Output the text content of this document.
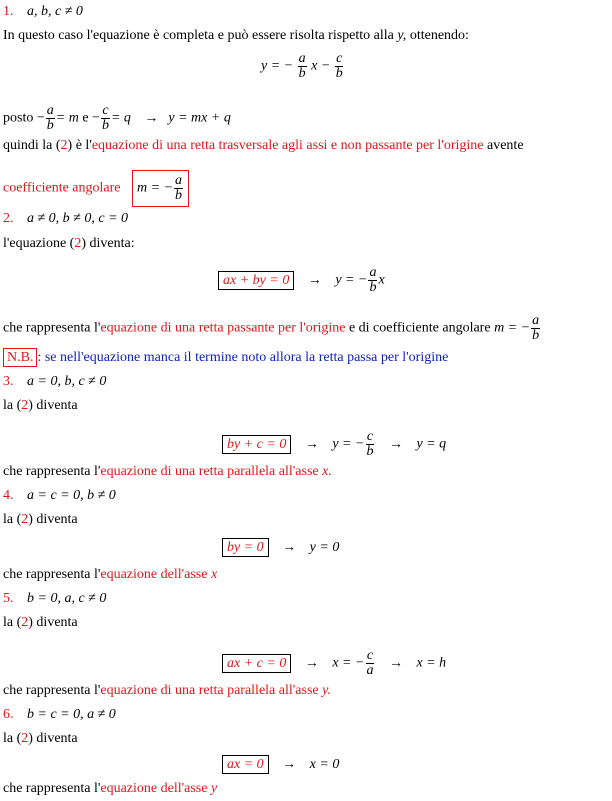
1. a, b, c ≠ 0
In questo caso l'equazione è completa e può essere risolta rispetto alla y, ottenendo:
y = − $\frac{a}{b}$ $x - \frac{c}{b}$
posto − $\frac{a}{b} = m$ $e - \frac{c}{b} = q \to y$ = mx + q
quindi la (2) è l'equazione di una retta trasversale agli assi e non passante per l'origine avente
coefficiente angolare m = − $\frac{a}{b}$
2. a ≠ 0, b ≠ 0, c = 0
l'equazione (2) diventa:
ax + by = 0 → y = − $\frac{a}{b}$ x
che rappresenta l'equazione di una retta passante per l'origine e di coefficiente angolare m = − $\frac{a}{b}$
N.B. : se nell'equazione manca il termine noto allora la retta passa per l'origine
3. a = 0, b, c ≠ 0
la (2) diventa
by + c = 0 → y = − $\frac{c}{b} \to y = q$
che rappresenta l'equazione di una retta parallela all'asse x.
4. a = c = 0, b ≠ 0
la (2) diventa
by = 0 → y = 0
che rappresenta l'equazione dell'asse x
5. b = 0, a, c ≠ 0
la (2) diventa
ax + c = 0 → x = − $\frac{c}{a} \to x = h$
che rappresenta l'equazione di una retta parallela all'asse y.
6. b = c = 0, a ≠ 0
la (2) diventa
ax = 0 → x = 0
che rappresenta l'equazione dell'asse y
